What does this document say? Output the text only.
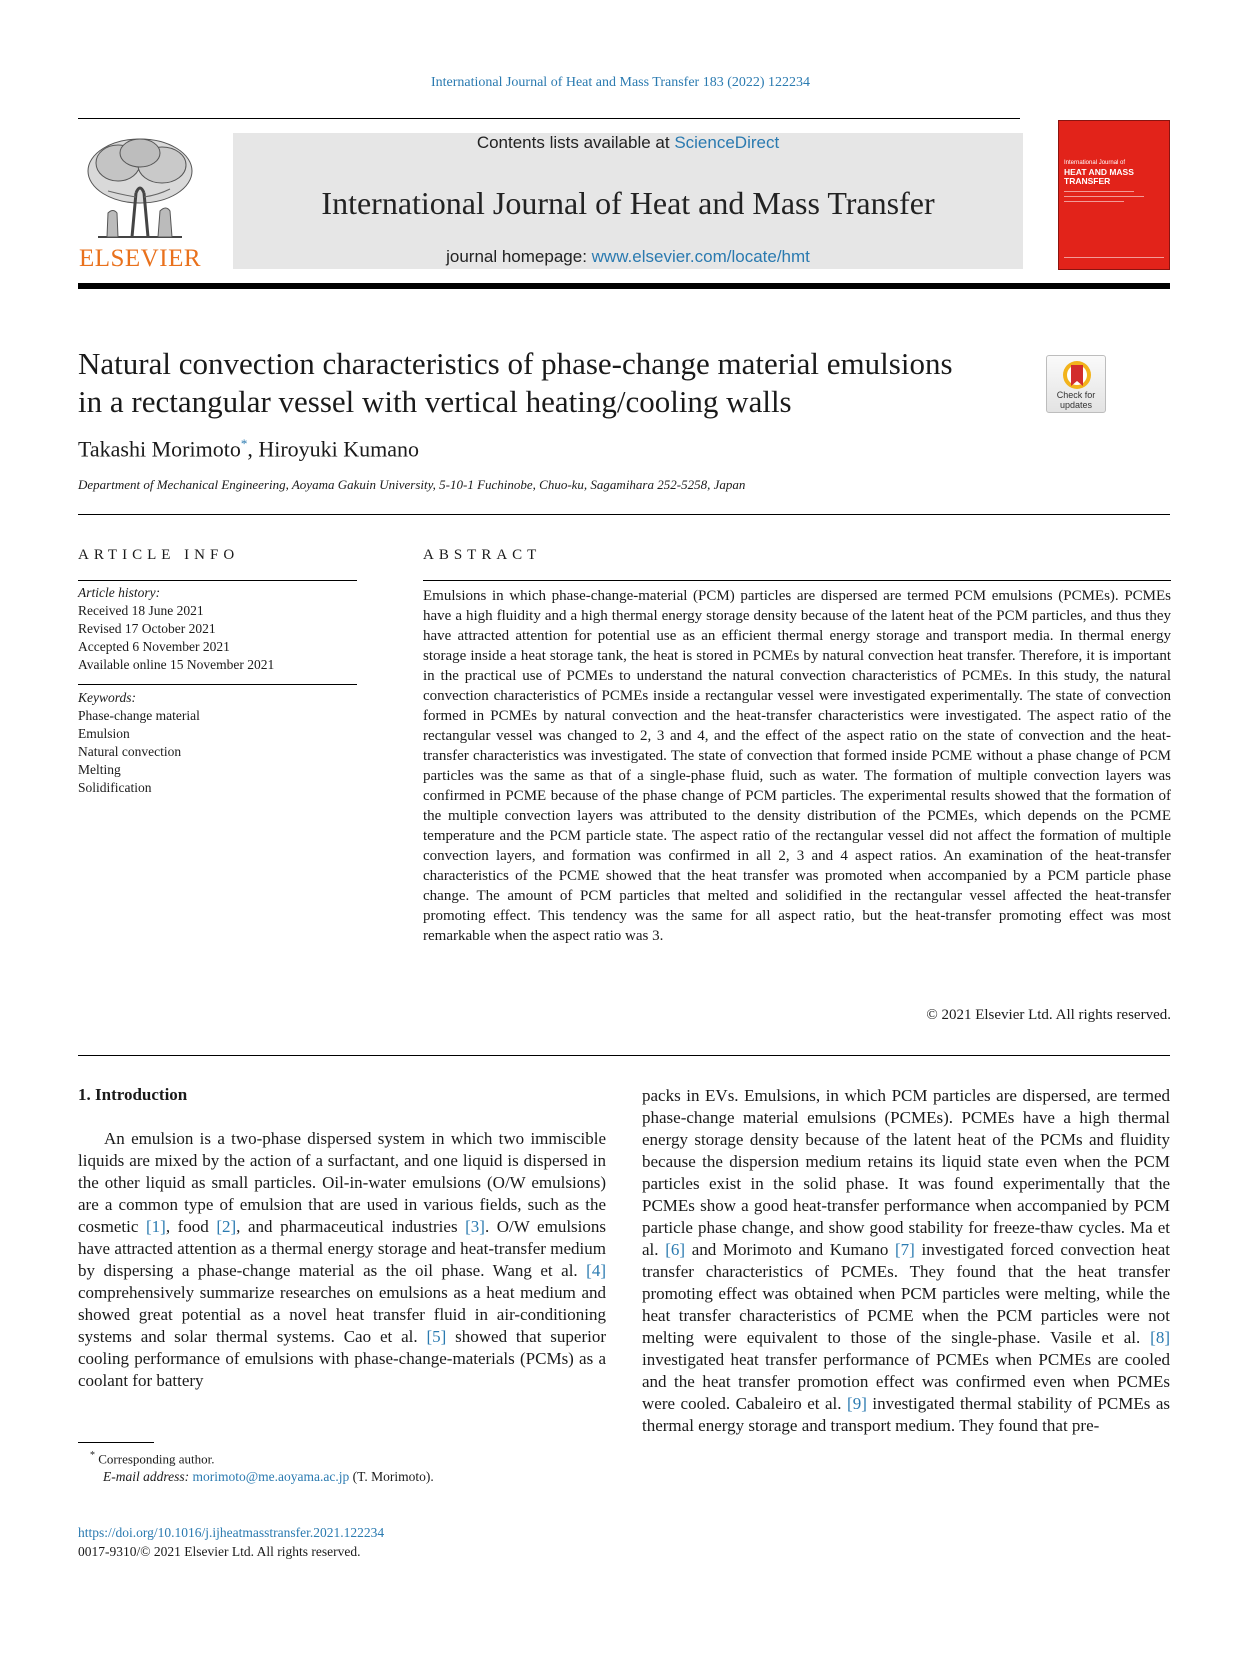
International Journal of Heat and Mass Transfer 183 (2022) 122234
ELSEVIER
Contents lists available at ScienceDirect
International Journal of Heat and Mass Transfer
journal homepage: www.elsevier.com/locate/hmt
International Journal of
HEAT AND MASS
TRANSFER
Natural convection characteristics of phase-change material emulsions
in a rectangular vessel with vertical heating/cooling walls	Check for
updates
Takashi Morimoto*, Hiroyuki Kumano
Department of Mechanical Engineering, Aoyama Gakuin University, 5-10-1 Fuchinobe, Chuo-ku, Sagamihara 252-5258, Japan
ARTICLE INFO
Article history:
Received 18 June 2021
Revised 17 October 2021
Accepted 6 November 2021
Available online 15 November 2021
Keywords:
Phase-change material
Emulsion
Natural convection
Melting
Solidification
ABSTRACT
Emulsions in which phase-change-material (PCM) particles are dispersed are termed PCM emulsions (PCMEs). PCMEs have a high fluidity and a high thermal energy storage density because of the latent heat of the PCM particles, and thus they have attracted attention for potential use as an efficient thermal energy storage and transport media. In thermal energy storage inside a heat storage tank, the heat is stored in PCMEs by natural convection heat transfer. Therefore, it is important in the practical use of PCMEs to understand the natural convection characteristics of PCMEs. In this study, the natural convection characteristics of PCMEs inside a rectangular vessel were investigated experimentally. The state of convection formed in PCMEs by natural convection and the heat-transfer characteristics were investigated. The aspect ratio of the rectangular vessel was changed to 2, 3 and 4, and the effect of the aspect ratio on the state of convection and the heat-transfer characteristics was investigated. The state of convection that formed inside PCME without a phase change of PCM particles was the same as that of a single-phase fluid, such as water. The formation of multiple convection layers was confirmed in PCME because of the phase change of PCM particles. The experimental results showed that the formation of the multiple convection layers was attributed to the density distribution of the PCMEs, which depends on the PCME temperature and the PCM particle state. The aspect ratio of the rectangular vessel did not affect the formation of multiple convection layers, and formation was confirmed in all 2, 3 and 4 aspect ratios. An examination of the heat-transfer characteristics of the PCME showed that the heat transfer was promoted when accompanied by a PCM particle phase change. The amount of PCM particles that melted and solidified in the rectangular vessel affected the heat-transfer promoting effect. This tendency was the same for all aspect ratio, but the heat-transfer promoting effect was most remarkable when the aspect ratio was 3.
© 2021 Elsevier Ltd. All rights reserved.
1. Introduction
An emulsion is a two-phase dispersed system in which two immiscible liquids are mixed by the action of a surfactant, and one liquid is dispersed in the other liquid as small particles. Oil-in-water emulsions (O/W emulsions) are a common type of emulsion that are used in various fields, such as the cosmetic [1], food [2], and pharmaceutical industries [3]. O/W emulsions have attracted attention as a thermal energy storage and heat-transfer medium by dispersing a phase-change material as the oil phase. Wang et al. [4] comprehensively summarize researches on emulsions as a heat medium and showed great potential as a novel heat transfer fluid in air-conditioning systems and solar thermal systems. Cao et al. [5] showed that superior cooling performance of emulsions with phase-change-materials (PCMs) as a coolant for battery
packs in EVs. Emulsions, in which PCM particles are dispersed, are termed phase-change material emulsions (PCMEs). PCMEs have a high thermal energy storage density because of the latent heat of the PCMs and fluidity because the dispersion medium retains its liquid state even when the PCM particles exist in the solid phase. It was found experimentally that the PCMEs show a good heat-transfer performance when accompanied by PCM particle phase change, and show good stability for freeze-thaw cycles. Ma et al. [6] and Morimoto and Kumano [7] investigated forced convection heat transfer characteristics of PCMEs. They found that the heat transfer promoting effect was obtained when PCM particles were melting, while the heat transfer characteristics of PCME when the PCM particles were not melting were equivalent to those of the single-phase. Vasile et al. [8] investigated heat transfer performance of PCMEs when PCMEs are cooled and the heat transfer promotion effect was confirmed even when PCMEs were cooled. Cabaleiro et al. [9] investigated thermal stability of PCMEs as thermal energy storage and transport medium. They found that pre-
* Corresponding author.
E-mail address: morimoto@me.aoyama.ac.jp (T. Morimoto).
https://doi.org/10.1016/j.ijheatmasstransfer.2021.122234
0017-9310/© 2021 Elsevier Ltd. All rights reserved.
